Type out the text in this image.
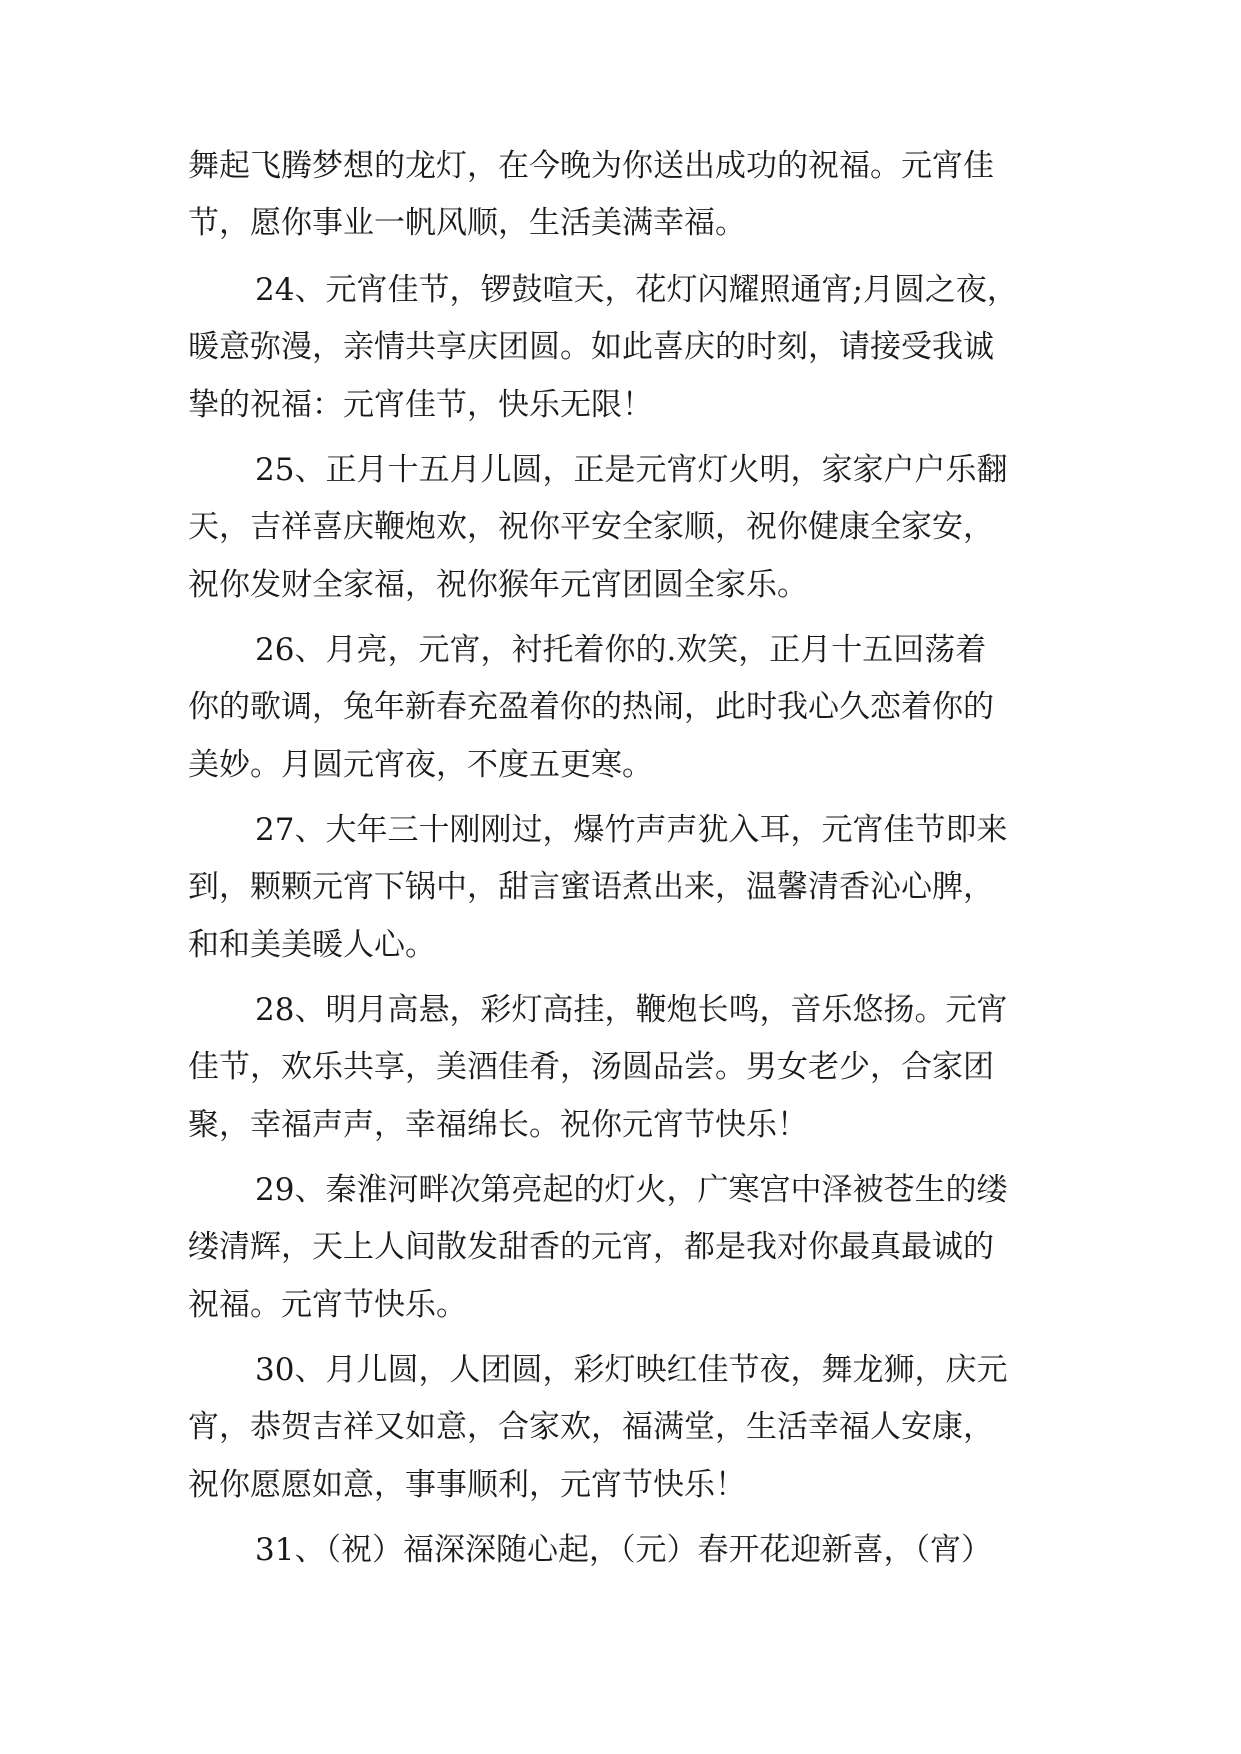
舞起飞腾梦想的龙灯，在今晚为你送出成功的祝福。元宵佳
节，愿你事业一帆风顺，生活美满幸福。
24、元宵佳节，锣鼓喧天，花灯闪耀照通宵;月圆之夜，
暖意弥漫，亲情共享庆团圆。如此喜庆的时刻，请接受我诚
挚的祝福：元宵佳节，快乐无限！
25、正月十五月儿圆，正是元宵灯火明，家家户户乐翻
天，吉祥喜庆鞭炮欢，祝你平安全家顺，祝你健康全家安，
祝你发财全家福，祝你猴年元宵团圆全家乐。
26、月亮，元宵，衬托着你的.欢笑，正月十五回荡着
你的歌调，兔年新春充盈着你的热闹，此时我心久恋着你的
美妙。月圆元宵夜，不度五更寒。
27、大年三十刚刚过，爆竹声声犹入耳，元宵佳节即来
到，颗颗元宵下锅中，甜言蜜语煮出来，温馨清香沁心脾，
和和美美暖人心。
28、明月高悬，彩灯高挂，鞭炮长鸣，音乐悠扬。元宵
佳节，欢乐共享，美酒佳肴，汤圆品尝。男女老少，合家团
聚，幸福声声，幸福绵长。祝你元宵节快乐！
29、秦淮河畔次第亮起的灯火，广寒宫中泽被苍生的缕
缕清辉，天上人间散发甜香的元宵，都是我对你最真最诚的
祝福。元宵节快乐。
30、月儿圆，人团圆，彩灯映红佳节夜，舞龙狮，庆元
宵，恭贺吉祥又如意，合家欢，福满堂，生活幸福人安康，
祝你愿愿如意，事事顺利，元宵节快乐！
31、（祝）福深深随心起，（元）春开花迎新喜，（宵）
